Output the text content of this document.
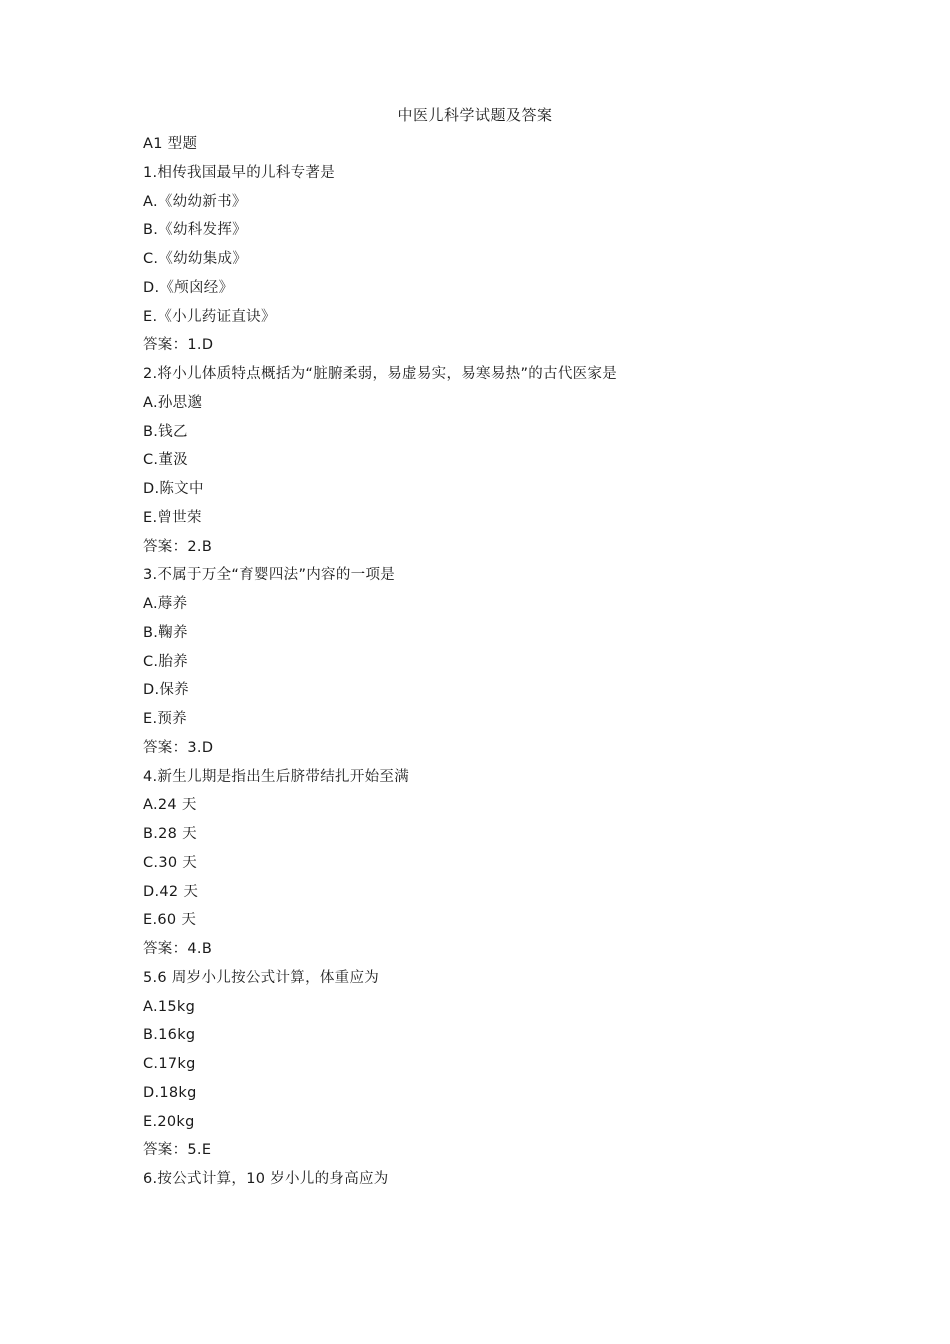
中医儿科学试题及答案
A1 型题
1.相传我国最早的儿科专著是
A.《幼幼新书》
B.《幼科发挥》
C.《幼幼集成》
D.《颅囟经》
E.《小儿药证直诀》
答案：1.D
2.将小儿体质特点概括为“脏腑柔弱，易虚易实，易寒易热”的古代医家是
A.孙思邈
B.钱乙
C.董汲
D.陈文中
E.曾世荣
答案：2.B
3.不属于万全“育婴四法”内容的一项是
A.蓐养
B.鞠养
C.胎养
D.保养
E.预养
答案：3.D
4.新生儿期是指出生后脐带结扎开始至满
A.24 天
B.28 天
C.30 天
D.42 天
E.60 天
答案：4.B
5.6 周岁小儿按公式计算，体重应为
A.15kg
B.16kg
C.17kg
D.18kg
E.20kg
答案：5.E
6.按公式计算，10 岁小儿的身高应为
